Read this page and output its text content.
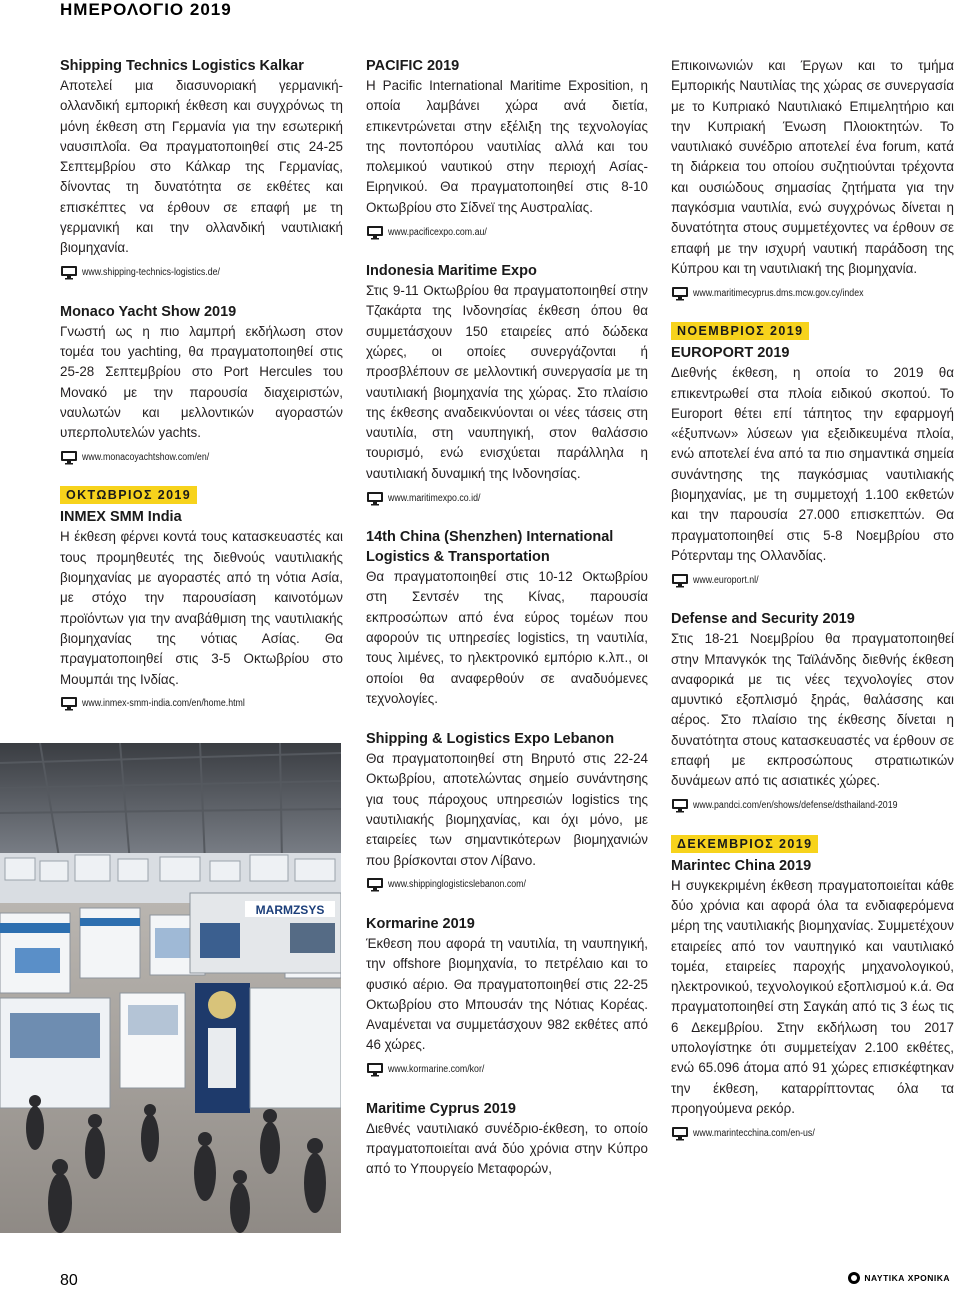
ΗΜΕΡΟΛΟΓΙΟ 2019
Shipping Technics Logistics Kalkar
Αποτελεί μια διασυνοριακή γερμανική-ολλανδική εμπορική έκθεση και συγχρόνως τη μόνη έκθεση στη Γερμανία για την εσωτερική ναυσιπλοΐα. Θα πραγματοποιηθεί στις 24-25 Σεπτεμβρίου στο Κάλκαρ της Γερμανίας, δίνοντας τη δυνατότητα σε εκθέτες και επισκέπτες να έρθουν σε επαφή με τη γερμανική και την ολλανδική ναυτιλιακή βιομηχανία.
www.shipping-technics-logistics.de/
Monaco Yacht Show 2019
Γνωστή ως η πιο λαμπρή εκδήλωση στον τομέα του yachting, θα πραγματοποιηθεί στις 25-28 Σεπτεμβρίου στο Port Hercules του Μονακό με την παρουσία διαχειριστών, ναυλωτών και μελλοντικών αγοραστών υπερπολυτελών yachts.
www.monacoyachtshow.com/en/
ΟΚΤΩΒΡΙΟΣ 2019
INMEX SMM India
Η έκθεση φέρνει κοντά τους κατασκευαστές και τους προμηθευτές της διεθνούς ναυτιλιακής βιομηχανίας με αγοραστές από τη νότια Ασία, με στόχο την παρουσίαση καινοτόμων προϊόντων για την αναβάθμιση της ναυτιλιακής βιομηχανίας της νότιας Ασίας. Θα πραγματοποιηθεί στις 3-5 Οκτωβρίου στο Μουμπάι της Ινδίας.
www.inmex-smm-india.com/en/home.html
PACIFIC 2019
Η Pacific International Maritime Exposition, η οποία λαμβάνει χώρα ανά διετία, επικεντρώνεται στην εξέλιξη της τεχνολογίας της ποντοπόρου ναυτιλίας αλλά και του πολεμικού ναυτικού στην περιοχή Ασίας-Ειρηνικού. Θα πραγματοποιηθεί στις 8-10 Οκτωβρίου στο Σίδνεϊ της Αυστραλίας.
www.pacificexpo.com.au/
Indonesia Maritime Expo
Στις 9-11 Οκτωβρίου θα πραγματοποιηθεί στην Τζακάρτα της Ινδονησίας έκθεση όπου θα συμμετάσχουν 150 εταιρείες από δώδεκα χώρες, οι οποίες συνεργάζονται ή προσβλέπουν σε μελλοντική συνεργασία με τη ναυτιλιακή βιομηχανία της χώρας. Στο πλαίσιο της έκθεσης αναδεικνύονται οι νέες τάσεις στη ναυτιλία, στη ναυπηγική, στον θαλάσσιο τουρισμό, ενώ ενισχύεται παράλληλα η ναυτιλιακή δυναμική της Ινδονησίας.
www.maritimexpo.co.id/
14th China (Shenzhen) International Logistics & Transportation
Θα πραγματοποιηθεί στις 10-12 Οκτωβρίου στη Σεντσέν της Κίνας, παρουσία εκπροσώπων από ένα εύρος τομέων που αφορούν τις υπηρεσίες logistics, τη ναυτιλία, τους λιμένες, το ηλεκτρονικό εμπόριο κ.λπ., οι οποίοι θα αναφερθούν σε αναδυόμενες τεχνολογίες.
Shipping & Logistics Expo Lebanon
Θα πραγματοποιηθεί στη Βηρυτό στις 22-24 Οκτωβρίου, αποτελώντας σημείο συνάντησης για τους πάροχους υπηρεσιών logistics της ναυτιλιακής βιομηχανίας, και όχι μόνο, με εταιρείες των σημαντικότερων βιομηχανιών που βρίσκονται στον Λίβανο.
www.shippinglogisticslebanon.com/
Kormarine 2019
Έκθεση που αφορά τη ναυτιλία, τη ναυπηγική, την offshore βιομηχανία, το πετρέλαιο και το φυσικό αέριο. Θα πραγματοποιηθεί στις 22-25 Οκτωβρίου στο Μπουσάν της Νότιας Κορέας. Αναμένεται να συμμετάσχουν 982 εκθέτες από 46 χώρες.
www.kormarine.com/kor/
Maritime Cyprus 2019
Διεθνές ναυτιλιακό συνέδριο-έκθεση, το οποίο πραγματοποιείται ανά δύο χρόνια στην Κύπρο από το Υπουργείο Μεταφορών,
Επικοινωνιών και Έργων και το τμήμα Εμπορικής Ναυτιλίας της χώρας σε συνεργασία με το Κυπριακό Ναυτιλιακό Επιμελητήριο και την Κυπριακή Ένωση Πλοιοκτητών. Το ναυτιλιακό συνέδριο αποτελεί ένα forum, κατά τη διάρκεια του οποίου συζητιούνται τρέχοντα και ουσιώδους σημασίας ζητήματα για την παγκόσμια ναυτιλία, ενώ συγχρόνως δίνεται η δυνατότητα στους συμμετέχοντες να έρθουν σε επαφή με την ισχυρή ναυτική παράδοση της Κύπρου και τη ναυτιλιακή της βιομηχανία.
www.maritimecyprus.dms.mcw.gov.cy/index
ΝΟΕΜΒΡΙΟΣ 2019
EUROPORT 2019
Διεθνής έκθεση, η οποία το 2019 θα επικεντρωθεί στα πλοία ειδικού σκοπού. Το Europort θέτει επί τάπητος την εφαρμογή «έξυπνων» λύσεων για εξειδικευμένα πλοία, ενώ αποτελεί ένα από τα πιο σημαντικά σημεία συνάντησης της παγκόσμιας ναυτιλιακής βιομηχανίας, με τη συμμετοχή 1.100 εκθετών και την παρουσία 27.000 επισκεπτών. Θα πραγματοποιηθεί στις 5-8 Νοεμβρίου στο Ρότερνταμ της Ολλανδίας.
www.europort.nl/
Defense and Security 2019
Στις 18-21 Νοεμβρίου θα πραγματοποιηθεί στην Μπανγκόκ της Ταϊλάνδης διεθνής έκθεση αναφορικά με τις νέες τεχνολογίες στον αμυντικό εξοπλισμό ξηράς, θαλάσσης και αέρος. Στο πλαίσιο της έκθεσης δίνεται η δυνατότητα στους κατασκευαστές να έρθουν σε επαφή με εκπροσώπους στρατιωτικών δυνάμεων από τις ασιατικές χώρες.
www.pandci.com/en/shows/defense/dsthailand-2019
ΔΕΚΕΜΒΡΙΟΣ 2019
Marintec China 2019
Η συγκεκριμένη έκθεση πραγματοποιείται κάθε δύο χρόνια και αφορά όλα τα ενδιαφερόμενα μέρη της ναυτιλιακής βιομηχανίας. Συμμετέχουν εταιρείες από τον ναυπηγικό και ναυτιλιακό τομέα, εταιρείες παροχής μηχανολογικού, ηλεκτρονικού, τεχνολογικού εξοπλισμού κ.ά. Θα πραγματοποιηθεί στη Σαγκάη από τις 3 έως τις 6 Δεκεμβρίου. Στην εκδήλωση του 2017 υπολογίστηκε ότι συμμετείχαν 2.100 εκθέτες, ενώ 65.096 άτομα από 91 χώρες επισκέφτηκαν την έκθεση, καταρρίπτοντας όλα τα προηγούμενα ρεκόρ.
www.marintecchina.com/en-us/
MARMZSYS
80	ΝΑΥΤΙΚΑ ΧΡΟΝΙΚΑ
